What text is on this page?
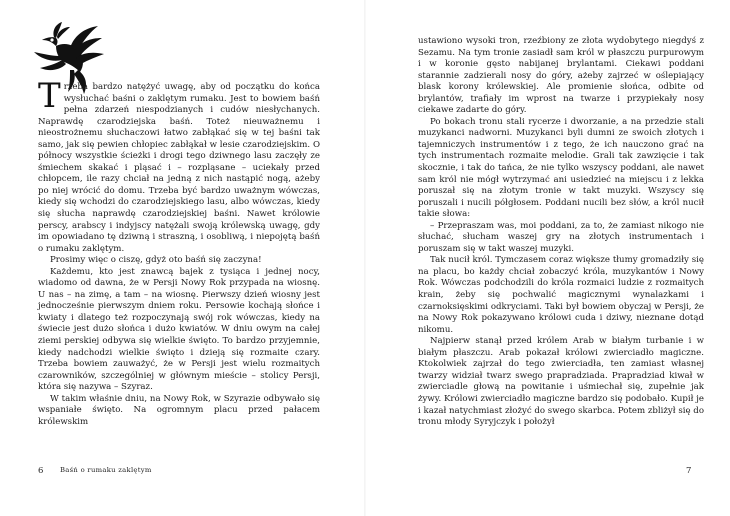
Trzeba bardzo natężyć uwagę, aby od początku do końca wysłuchać baśni o zaklętym rumaku. Jest to bowiem baśń pełna zdarzeń niespodzianych i cudów niesłychanych. Naprawdę czarodziejska baśń. Toteż nieuważnemu i nieostrożnemu słuchaczowi łatwo zabłąkać się w tej baśni tak samo, jak się pewien chłopiec zabłąkał w lesie czarodziejskim. O północy wszystkie ścieżki i drogi tego dziwnego lasu zaczęły ze śmiechem skakać i pląsać i – rozpląsane – uciekały przed chłopcem, ile razy chciał na jedną z nich nastąpić nogą, ażeby po niej wrócić do domu. Trzeba być bardzo uważnym wówczas, kiedy się wchodzi do czarodziejskiego lasu, albo wówczas, kiedy się słucha naprawdę czarodziejskiej baśni. Nawet królowie perscy, arabscy i indyjscy natężali swoją królewską uwagę, gdy im opowiadano tę dziwną i straszną, i osobliwą, i niepojętą baśń o rumaku zaklętym.

Prosimy więc o ciszę, gdyż oto baśń się zaczyna!

Każdemu, kto jest znawcą bajek z tysiąca i jednej nocy, wiadomo od dawna, że w Persji Nowy Rok przypada na wiosnę. U nas – na zimę, a tam – na wiosnę. Pierwszy dzień wiosny jest jednocześnie pierwszym dniem roku. Persowie kochają słońce i kwiaty i dlatego też rozpoczynają swój rok wówczas, kiedy na świecie jest dużo słońca i dużo kwiatów. W dniu owym na całej ziemi perskiej odbywa się wielkie święto. To bardzo przyjemnie, kiedy nadchodzi wielkie święto i dzieją się rozmaite czary. Trzeba bowiem zauważyć, że w Persji jest wielu rozmaitych czarowników, szczególniej w głównym mieście – stolicy Persji, która się nazywa – Szyraz.

W takim właśnie dniu, na Nowy Rok, w Szyrazie odbywało się wspaniałe święto. Na ogromnym placu przed pałacem królewskim

6 Baśń o rumaku zaklętym

ustawiono wysoki tron, rzeźbiony ze złota wydobytego niegdyś z Sezamu. Na tym tronie zasiadł sam król w płaszczu purpurowym i w koronie gęsto nabijanej brylantami. Ciekawi poddani starannie zadzierali nosy do góry, ażeby zajrzeć w oślepiający blask korony królewskiej. Ale promienie słońca, odbite od brylantów, trafiały im wprost na twarze i przypiekały nosy ciekawe zadarte do góry.

Po bokach tronu stali rycerze i dworzanie, a na przedzie stali muzykanci nadworni. Muzykanci byli dumni ze swoich złotych i tajemniczych instrumentów i z tego, że ich nauczono grać na tych instrumentach rozmaite melodie. Grali tak zawzięcie i tak skocznie, i tak do tańca, że nie tylko wszyscy poddani, ale nawet sam król nie mógł wytrzymać ani usiedzieć na miejscu i z lekka poruszał się na złotym tronie w takt muzyki. Wszyscy się poruszali i nucili półgłosem. Poddani nucili bez słów, a król nucił takie słowa:

– Przepraszam was, moi poddani, za to, że zamiast nikogo nie słuchać, słucham waszej gry na złotych instrumentach i poruszam się w takt waszej muzyki.

Tak nucił król. Tymczasem coraz większe tłumy gromadziły się na placu, bo każdy chciał zobaczyć króla, muzykantów i Nowy Rok. Wówczas podchodzili do króla rozmaici ludzie z rozmaitych krain, żeby się pochwalić magicznymi wynalazkami i czarnoksięskimi odkryciami. Taki był bowiem obyczaj w Persji, że na Nowy Rok pokazywano królowi cuda i dziwy, nieznane dotąd nikomu.

Najpierw stanął przed królem Arab w białym turbanie i w białym płaszczu. Arab pokazał królowi zwierciadło magiczne. Ktokolwiek zajrzał do tego zwierciadła, ten zamiast własnej twarzy widział twarz swego prapradziada. Prapradziad kiwał w zwierciadle głową na powitanie i uśmiechał się, zupełnie jak żywy. Królowi zwierciadło magiczne bardzo się podobało. Kupił je i kazał natychmiast złożyć do swego skarbca. Potem zbliżył się do tronu młody Syryjczyk i położył

7
